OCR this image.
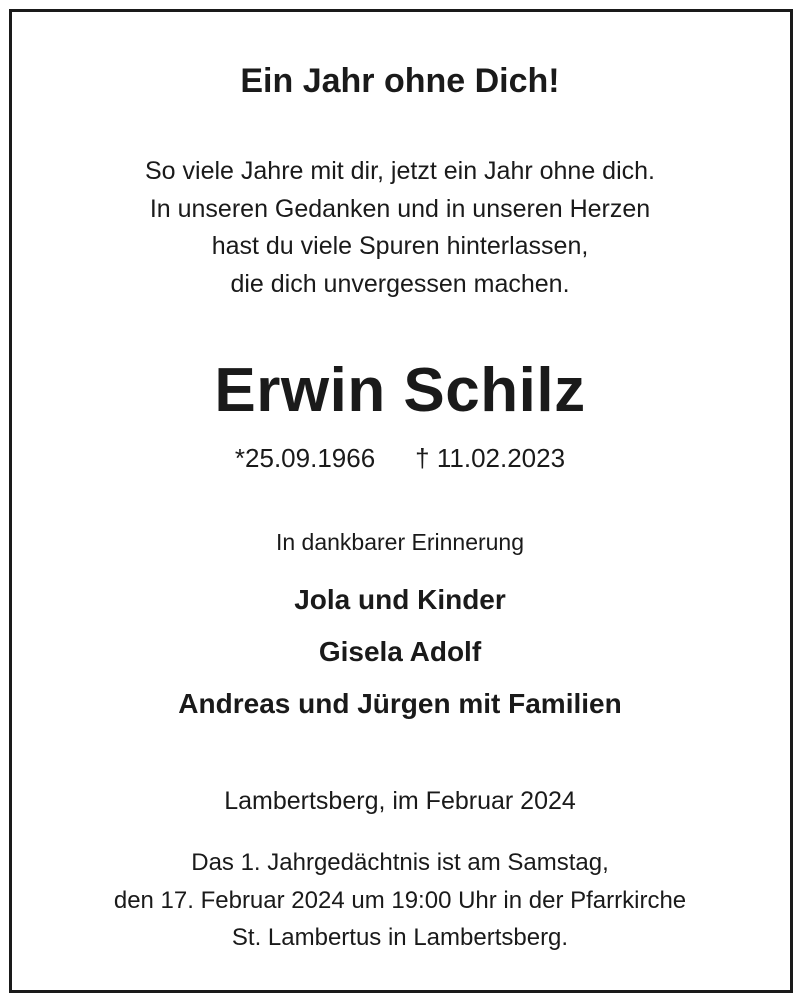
Ein Jahr ohne Dich!
So viele Jahre mit dir, jetzt ein Jahr ohne dich.
In unseren Gedanken und in unseren Herzen
hast du viele Spuren hinterlassen,
die dich unvergessen machen.
Erwin Schilz
*25.09.1966 † 11.02.2023
In dankbarer Erinnerung
Jola und Kinder
Gisela Adolf
Andreas und Jürgen mit Familien
Lambertsberg, im Februar 2024
Das 1. Jahrgedächtnis ist am Samstag,
den 17. Februar 2024 um 19:00 Uhr in der Pfarrkirche
St. Lambertus in Lambertsberg.
